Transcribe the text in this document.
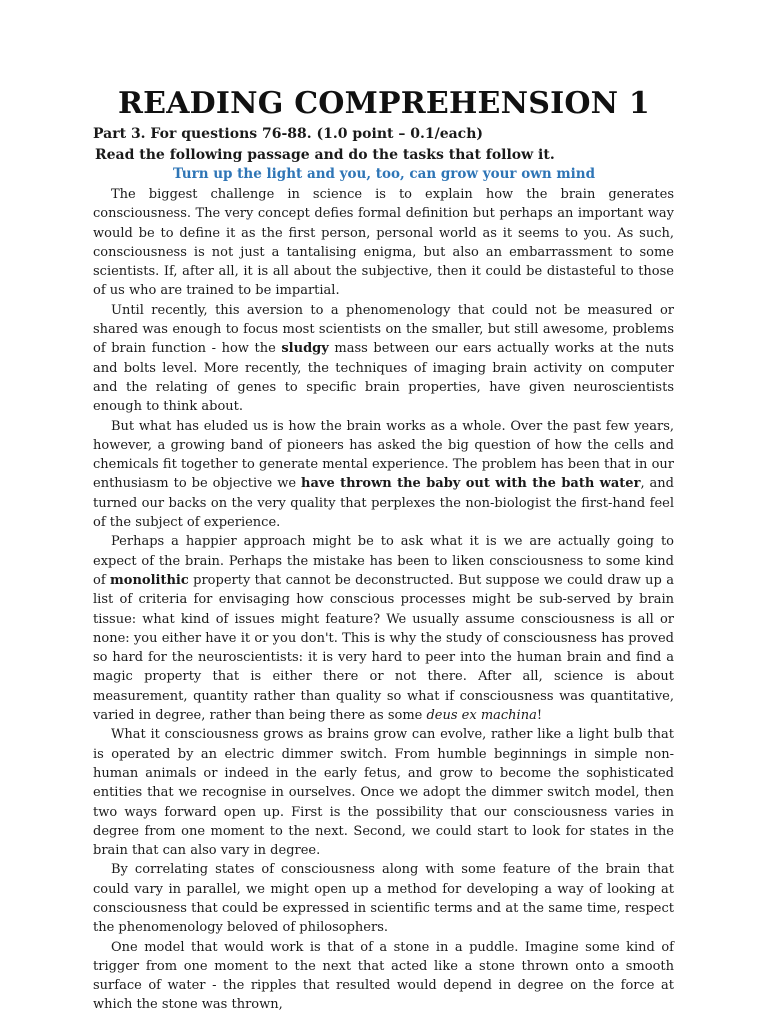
READING COMPREHENSION 1
Part 3. For questions 76-88. (1.0 point – 0.1/each)
Read the following passage and do the tasks that follow it.
Turn up the light and you, too, can grow your own mind

The biggest challenge in science is to explain how the brain generates consciousness. The very concept defies formal definition but perhaps an important way would be to define it as the first person, personal world as it seems to you. As such, consciousness is not just a tantalising enigma, but also an embarrassment to some scientists. If, after all, it is all about the subjective, then it could be distasteful to those of us who are trained to be impartial.

Until recently, this aversion to a phenomenology that could not be measured or shared was enough to focus most scientists on the smaller, but still awesome, problems of brain function - how the sludgy mass between our ears actually works at the nuts and bolts level. More recently, the techniques of imaging brain activity on computer and the relating of genes to specific brain properties, have given neuroscientists enough to think about.

But what has eluded us is how the brain works as a whole. Over the past few years, however, a growing band of pioneers has asked the big question of how the cells and chemicals fit together to generate mental experience. The problem has been that in our enthusiasm to be objective we have thrown the baby out with the bath water, and turned our backs on the very quality that perplexes the non-biologist the first-hand feel of the subject of experience.

Perhaps a happier approach might be to ask what it is we are actually going to expect of the brain. Perhaps the mistake has been to liken consciousness to some kind of monolithic property that cannot be deconstructed. But suppose we could draw up a list of criteria for envisaging how conscious processes might be sub-served by brain tissue: what kind of issues might feature? We usually assume consciousness is all or none: you either have it or you don't. This is why the study of consciousness has proved so hard for the neuroscientists: it is very hard to peer into the human brain and find a magic property that is either there or not there. After all, science is about measurement, quantity rather than quality so what if consciousness was quantitative, varied in degree, rather than being there as some deus ex machina!

What it consciousness grows as brains grow can evolve, rather like a light bulb that is operated by an electric dimmer switch. From humble beginnings in simple non-human animals or indeed in the early fetus, and grow to become the sophisticated entities that we recognise in ourselves. Once we adopt the dimmer switch model, then two ways forward open up. First is the possibility that our consciousness varies in degree from one moment to the next. Second, we could start to look for states in the brain that can also vary in degree.

By correlating states of consciousness along with some feature of the brain that could vary in parallel, we might open up a method for developing a way of looking at consciousness that could be expressed in scientific terms and at the same time, respect the phenomenology beloved of philosophers.

One model that would work is that of a stone in a puddle. Imagine some kind of trigger from one moment to the next that acted like a stone thrown onto a smooth surface of water - the ripples that resulted would depend in degree on the force at which the stone was thrown,
